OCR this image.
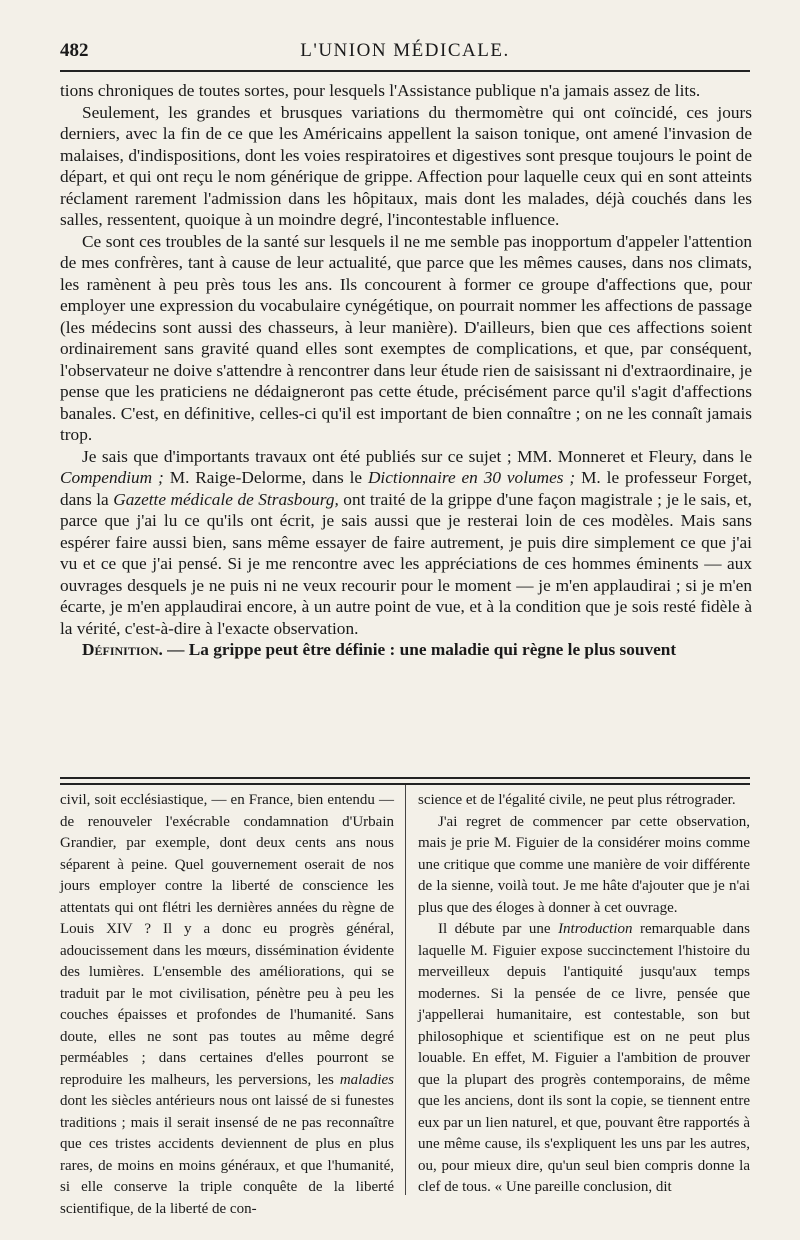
482	L'UNION MÉDICALE.

tions chroniques de toutes sortes, pour lesquels l'Assistance publique n'a jamais assez de lits.

Seulement, les grandes et brusques variations du thermomètre qui ont coïncidé, ces jours derniers, avec la fin de ce que les Américains appellent la saison tonique, ont amené l'invasion de malaises, d'indispositions, dont les voies respiratoires et digestives sont presque toujours le point de départ, et qui ont reçu le nom générique de grippe. Affection pour laquelle ceux qui en sont atteints réclament rarement l'admission dans les hôpitaux, mais dont les malades, déjà couchés dans les salles, ressentent, quoique à un moindre degré, l'incontestable influence.

Ce sont ces troubles de la santé sur lesquels il ne me semble pas inopportum d'appeler l'attention de mes confrères, tant à cause de leur actualité, que parce que les mêmes causes, dans nos climats, les ramènent à peu près tous les ans. Ils concourent à former ce groupe d'affections que, pour employer une expression du vocabulaire cynégétique, on pourrait nommer les affections de passage (les médecins sont aussi des chasseurs, à leur manière). D'ailleurs, bien que ces affections soient ordinairement sans gravité quand elles sont exemptes de complications, et que, par conséquent, l'observateur ne doive s'attendre à rencontrer dans leur étude rien de saisissant ni d'extraordinaire, je pense que les praticiens ne dédaigneront pas cette étude, précisément parce qu'il s'agit d'affections banales. C'est, en définitive, celles-ci qu'il est important de bien connaître ; on ne les connaît jamais trop.

Je sais que d'importants travaux ont été publiés sur ce sujet ; MM. Monneret et Fleury, dans le Compendium ; M. Raige-Delorme, dans le Dictionnaire en 30 volumes ; M. le professeur Forget, dans la Gazette médicale de Strasbourg, ont traité de la grippe d'une façon magistrale ; je le sais, et, parce que j'ai lu ce qu'ils ont écrit, je sais aussi que je resterai loin de ces modèles. Mais sans espérer faire aussi bien, sans même essayer de faire autrement, je puis dire simplement ce que j'ai vu et ce que j'ai pensé. Si je me rencontre avec les appréciations de ces hommes éminents — aux ouvrages desquels je ne puis ni ne veux recourir pour le moment — je m'en applaudirai ; si je m'en écarte, je m'en applaudirai encore, à un autre point de vue, et à la condition que je sois resté fidèle à la vérité, c'est-à-dire à l'exacte observation.

Définition. — La grippe peut être définie : une maladie qui règne le plus souvent

civil, soit ecclésiastique, — en France, bien entendu — de renouveler l'exécrable condamnation d'Urbain Grandier, par exemple, dont deux cents ans nous séparent à peine. Quel gouvernement oserait de nos jours employer contre la liberté de conscience les attentats qui ont flétri les dernières années du règne de Louis XIV ? Il y a donc eu progrès général, adoucissement dans les mœurs, dissémination évidente des lumières. L'ensemble des améliorations, qui se traduit par le mot civilisation, pénètre peu à peu les couches épaisses et profondes de l'humanité. Sans doute, elles ne sont pas toutes au même degré perméables ; dans certaines d'elles pourront se reproduire les malheurs, les perversions, les maladies dont les siècles antérieurs nous ont laissé de si funestes traditions ; mais il serait insensé de ne pas reconnaître que ces tristes accidents deviennent de plus en plus rares, de moins en moins généraux, et que l'humanité, si elle conserve la triple conquête de la liberté scientifique, de la liberté de con-

science et de l'égalité civile, ne peut plus rétrograder.

J'ai regret de commencer par cette observation, mais je prie M. Figuier de la considérer moins comme une critique que comme une manière de voir différente de la sienne, voilà tout. Je me hâte d'ajouter que je n'ai plus que des éloges à donner à cet ouvrage.

Il débute par une Introduction remarquable dans laquelle M. Figuier expose succinctement l'histoire du merveilleux depuis l'antiquité jusqu'aux temps modernes. Si la pensée de ce livre, pensée que j'appellerai humanitaire, est contestable, son but philosophique et scientifique est on ne peut plus louable. En effet, M. Figuier a l'ambition de prouver que la plupart des progrès contemporains, de même que les anciens, dont ils sont la copie, se tiennent entre eux par un lien naturel, et que, pouvant être rapportés à une même cause, ils s'expliquent les uns par les autres, ou, pour mieux dire, qu'un seul bien compris donne la clef de tous. « Une pareille conclusion, dit
